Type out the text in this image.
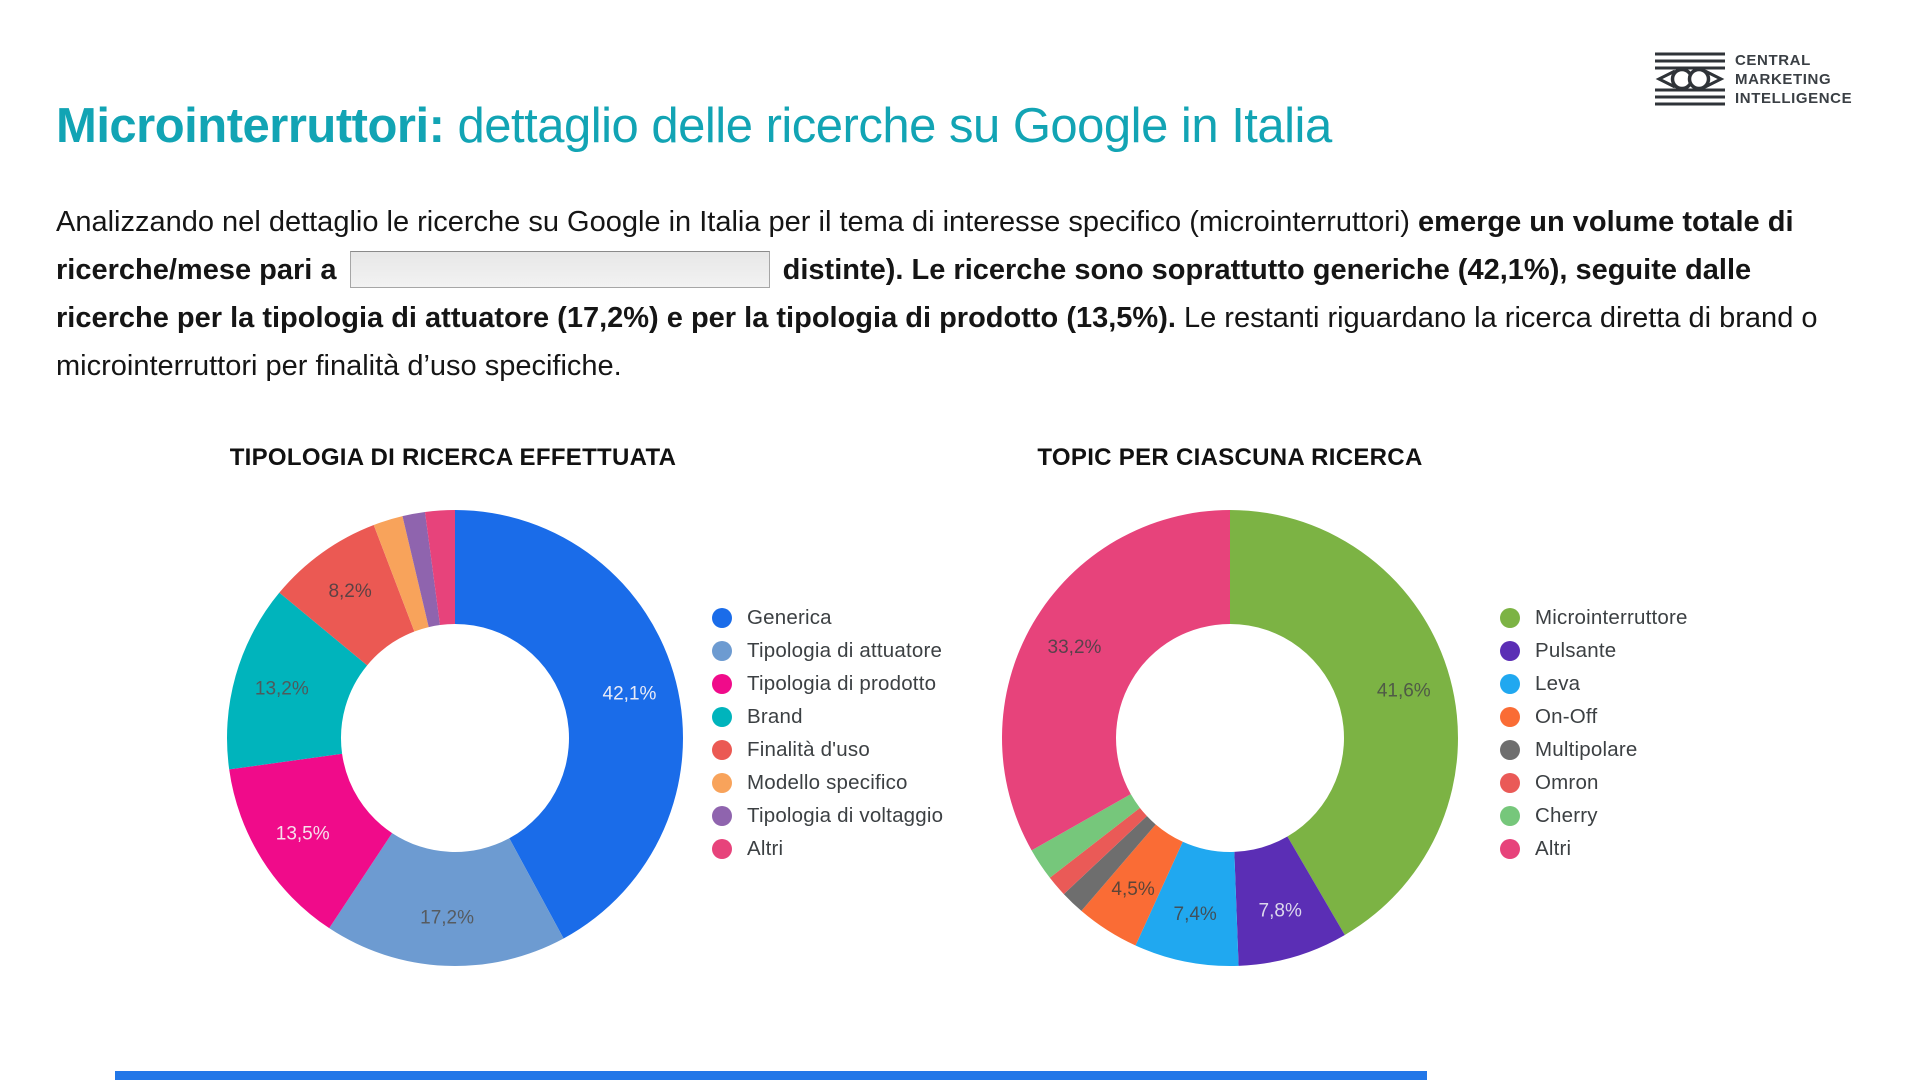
CENTRAL
MARKETING
INTELLIGENCE
Microinterruttori: dettaglio delle ricerche su Google in Italia

Analizzando nel dettaglio le ricerche su Google in Italia per il tema di interesse specifico (microinterruttori) emerge un volume totale di ricerche/mese pari a	distinte). Le ricerche sono soprattutto generiche (42,1%), seguite dalle ricerche per la tipologia di attuatore (17,2%) e per la tipologia di prodotto (13,5%). Le restanti riguardano la ricerca diretta di brand o microinterruttori per finalità d’uso specifiche.

TIPOLOGIA DI RICERCA EFFETTUATA
42,1%
17,2%
13,5%
13,2%
8,2%
Generica
Tipologia di attuatore
Tipologia di prodotto
Brand
Finalità d'uso
Modello specifico
Tipologia di voltaggio
Altri
TOPIC PER CIASCUNA RICERCA
41,6%
7,8%
7,4%
4,5%
33,2%
Microinterruttore
Pulsante
Leva
On-Off
Multipolare
Omron
Cherry
Altri
